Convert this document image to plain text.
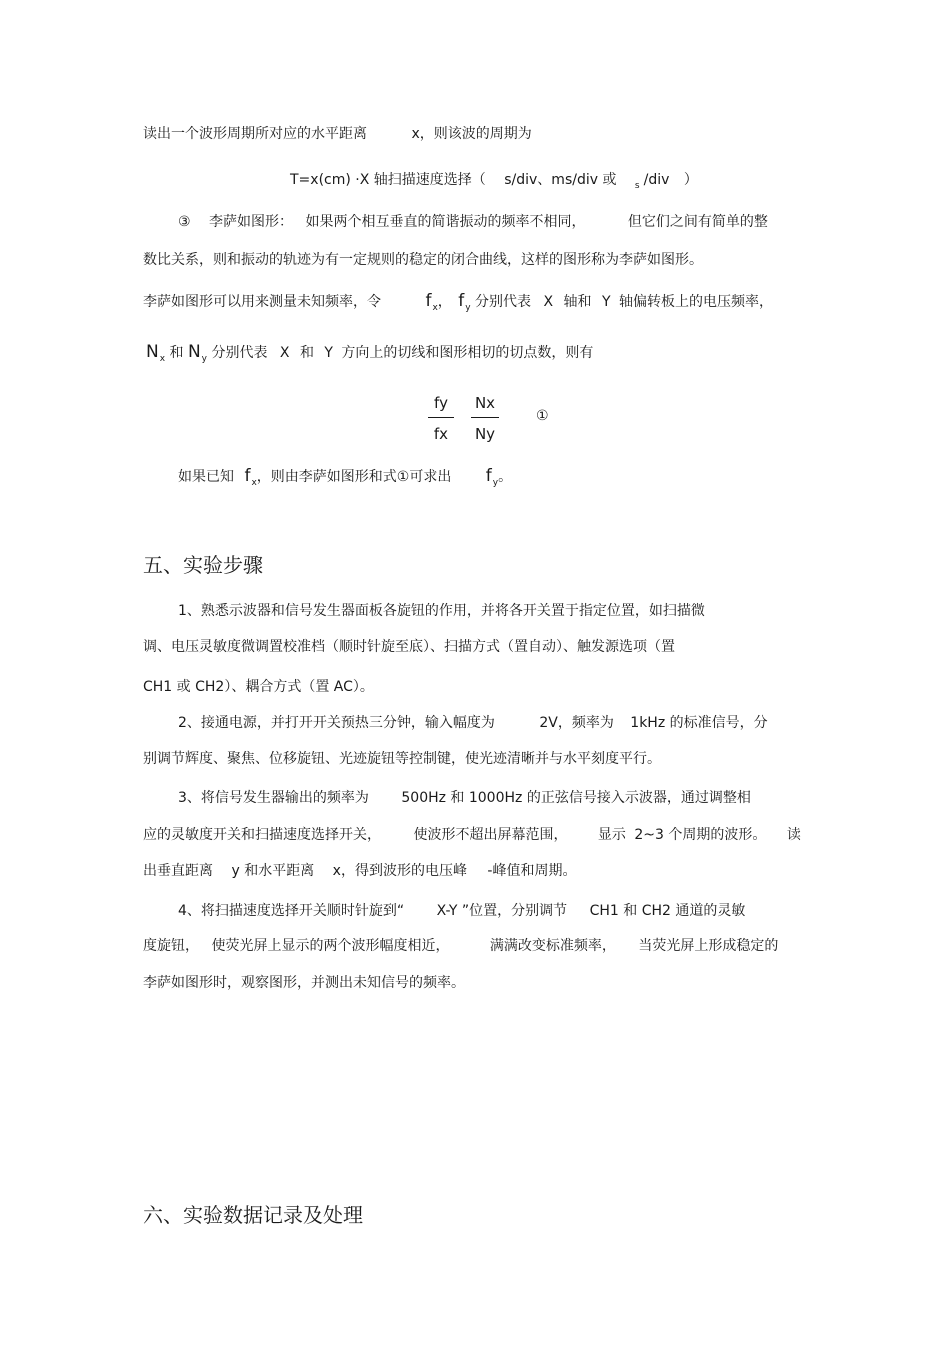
读出一个波形周期所对应的水平距离	x，则该波的周期为
T=x(cm) ·X 轴扫描速度选择（ s/div、ms/div 或 $_s$ /div ）
③ 李萨如图形： 如果两个相互垂直的简谐振动的频率不相同，	但它们之间有简单的整
数比关系，则和振动的轨迹为有一定规则的稳定的闭合曲线，这样的图形称为李萨如图形。
李萨如图形可以用来测量未知频率，令	$f_x$， $f_y$ 分别代表 X 轴和 Y 轴偏转板上的电压频率，
$N_x$ 和 $N_y$ 分别代表 X 和 Y 方向上的切线和图形相切的切点数，则有
fy
fx
Nx
Ny
①
如果已知 $f_x$，则由李萨如图形和式①可求出 $f_y$。
五、实验步骤
1、熟悉示波器和信号发生器面板各旋钮的作用，并将各开关置于指定位置，如扫描微
调、电压灵敏度微调置校准档（顺时针旋至底）、扫描方式（置自动）、触发源选项（置
CH1 或 CH2）、耦合方式（置 AC）。
2、接通电源，并打开开关预热三分钟，输入幅度为	2V，频率为 1kHz 的标准信号，分
别调节辉度、聚焦、位移旋钮、光迹旋钮等控制键，使光迹清晰并与水平刻度平行。
3、将信号发生器输出的频率为 500Hz 和 1000Hz 的正弦信号接入示波器，通过调整相
应的灵敏度开关和扫描速度选择开关， 使波形不超出屏幕范围， 显示 2~3 个周期的波形。 读
出垂直距离 y 和水平距离 x，得到波形的电压峰 -峰值和周期。
4、将扫描速度选择开关顺时针旋到“ X-Y ”位置，分别调节 CH1 和 CH2 通道的灵敏
度旋钮， 使荧光屏上显示的两个波形幅度相近，	满满改变标准频率， 当荧光屏上形成稳定的
李萨如图形时，观察图形，并测出未知信号的频率。
六、实验数据记录及处理
